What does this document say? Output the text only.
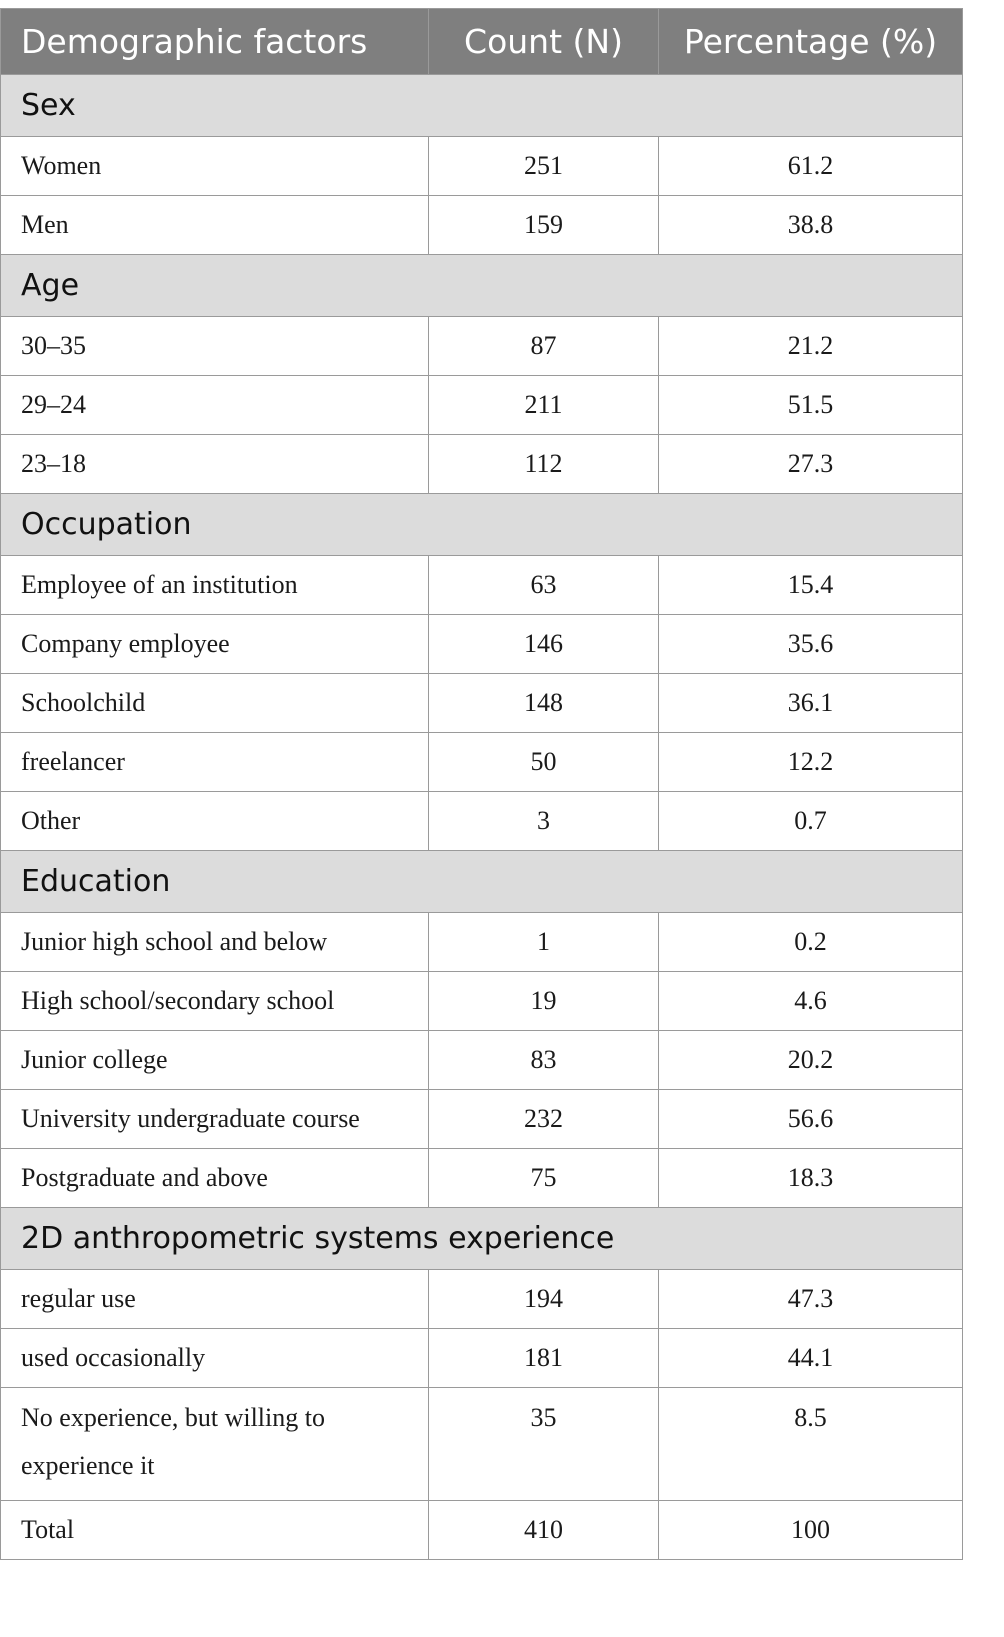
Demographic factors	Count (N)	Percentage (%)
Sex		
Women	251	61.2
Men	159	38.8
Age		
30–35	87	21.2
29–24	211	51.5
23–18	112	27.3
Occupation		
Employee of an institution	63	15.4
Company employee	146	35.6
Schoolchild	148	36.1
freelancer	50	12.2
Other	3	0.7
Education		
Junior high school and below	1	0.2
High school/secondary school	19	4.6
Junior college	83	20.2
University undergraduate course	232	56.6
Postgraduate and above	75	18.3
2D anthropometric systems experience		
regular use	194	47.3
used occasionally	181	44.1
No experience, but willing to experience it	35	8.5
Total	410	100
